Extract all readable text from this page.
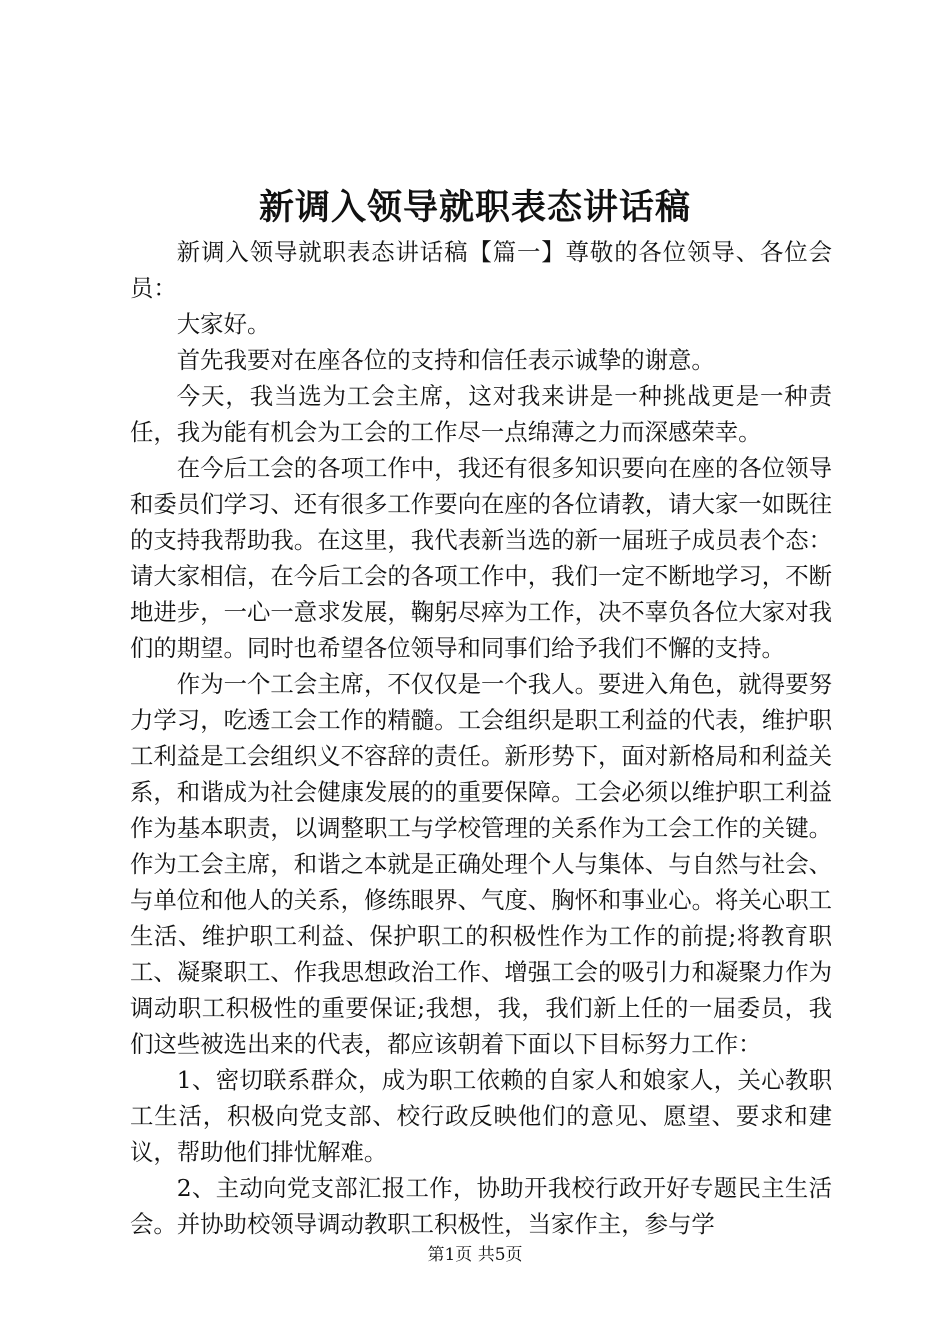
新调入领导就职表态讲话稿

新调入领导就职表态讲话稿【篇一】尊敬的各位领导、各位会员：

大家好。

首先我要对在座各位的支持和信任表示诚挚的谢意。

今天，我当选为工会主席，这对我来讲是一种挑战更是一种责任，我为能有机会为工会的工作尽一点绵薄之力而深感荣幸。

在今后工会的各项工作中，我还有很多知识要向在座的各位领导和委员们学习、还有很多工作要向在座的各位请教，请大家一如既往的支持我帮助我。在这里，我代表新当选的新一届班子成员表个态：请大家相信，在今后工会的各项工作中，我们一定不断地学习，不断地进步，一心一意求发展，鞠躬尽瘁为工作，决不辜负各位大家对我们的期望。同时也希望各位领导和同事们给予我们不懈的支持。

作为一个工会主席，不仅仅是一个我人。要进入角色，就得要努力学习，吃透工会工作的精髓。工会组织是职工利益的代表，维护职工利益是工会组织义不容辞的责任。新形势下，面对新格局和利益关系，和谐成为社会健康发展的的重要保障。工会必须以维护职工利益作为基本职责，以调整职工与学校管理的关系作为工会工作的关键。作为工会主席，和谐之本就是正确处理个人与集体、与自然与社会、与单位和他人的关系，修练眼界、气度、胸怀和事业心。将关心职工生活、维护职工利益、保护职工的积极性作为工作的前提;将教育职工、凝聚职工、作我思想政治工作、增强工会的吸引力和凝聚力作为调动职工积极性的重要保证;我想，我，我们新上任的一届委员，我们这些被选出来的代表，都应该朝着下面以下目标努力工作：

1、密切联系群众，成为职工依赖的自家人和娘家人，关心教职工生活，积极向党支部、校行政反映他们的意见、愿望、要求和建议，帮助他们排忧解难。

2、主动向党支部汇报工作，协助开我校行政开好专题民主生活会。并协助校领导调动教职工积极性，当家作主，参与学

第1页 共5页
